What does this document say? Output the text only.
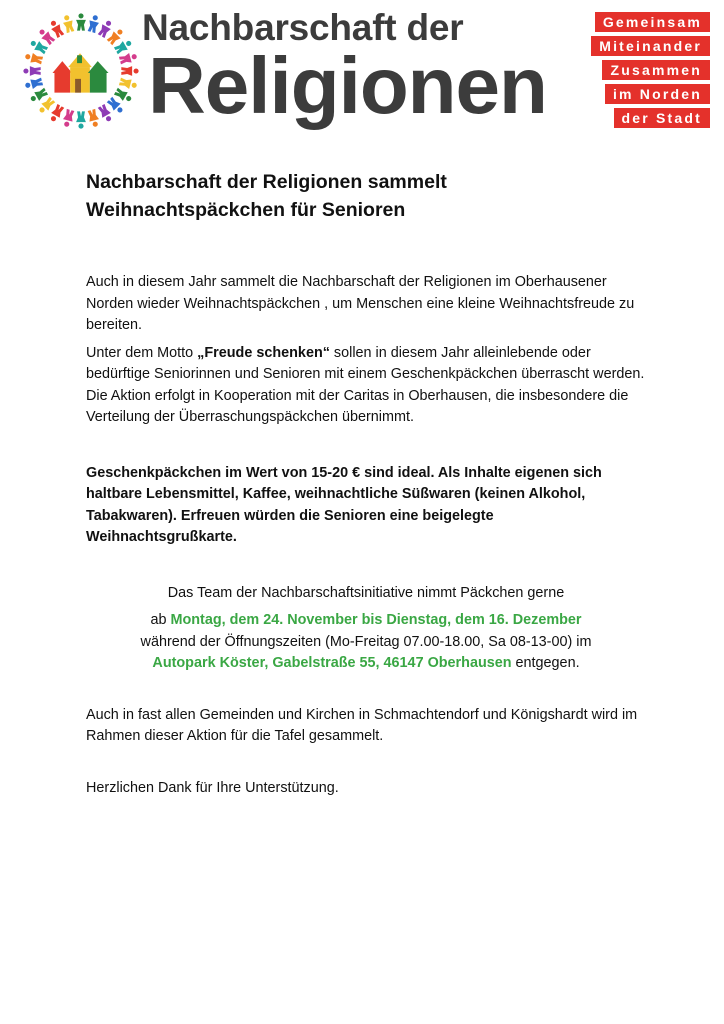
Nachbarschaft der
Religionen
Gemeinsam
Miteinander
Zusammen
im Norden
der Stadt
Nachbarschaft der Religionen sammelt
Weihnachtspäckchen für Senioren

Auch in diesem Jahr sammelt die Nachbarschaft der Religionen im Oberhausener Norden wieder Weihnachtspäckchen , um Menschen eine kleine Weihnachtsfreude zu bereiten.

Unter dem Motto „Freude schenken“ sollen in diesem Jahr alleinlebende oder bedürftige Seniorinnen und Senioren mit einem Geschenkpäckchen überrascht werden. Die Aktion erfolgt in Kooperation mit der Caritas in Oberhausen, die insbesondere die Verteilung der Überraschungspäckchen übernimmt.

Geschenkpäckchen im Wert von 15-20 € sind ideal. Als Inhalte eigenen sich haltbare Lebensmittel, Kaffee, weihnachtliche Süßwaren (keinen Alkohol, Tabakwaren). Erfreuen würden die Senioren eine beigelegte Weihnachtsgrußkarte.

Das Team der Nachbarschaftsinitiative nimmt Päckchen gerne

ab Montag, dem 24. November bis Dienstag, dem 16. Dezember
während der Öffnungszeiten (Mo-Freitag 07.00-18.00, Sa 08-13-00) im
Autopark Köster, Gabelstraße 55, 46147 Oberhausen entgegen.

Auch in fast allen Gemeinden und Kirchen in Schmachtendorf und Königshardt wird im Rahmen dieser Aktion für die Tafel gesammelt.

Herzlichen Dank für Ihre Unterstützung.
